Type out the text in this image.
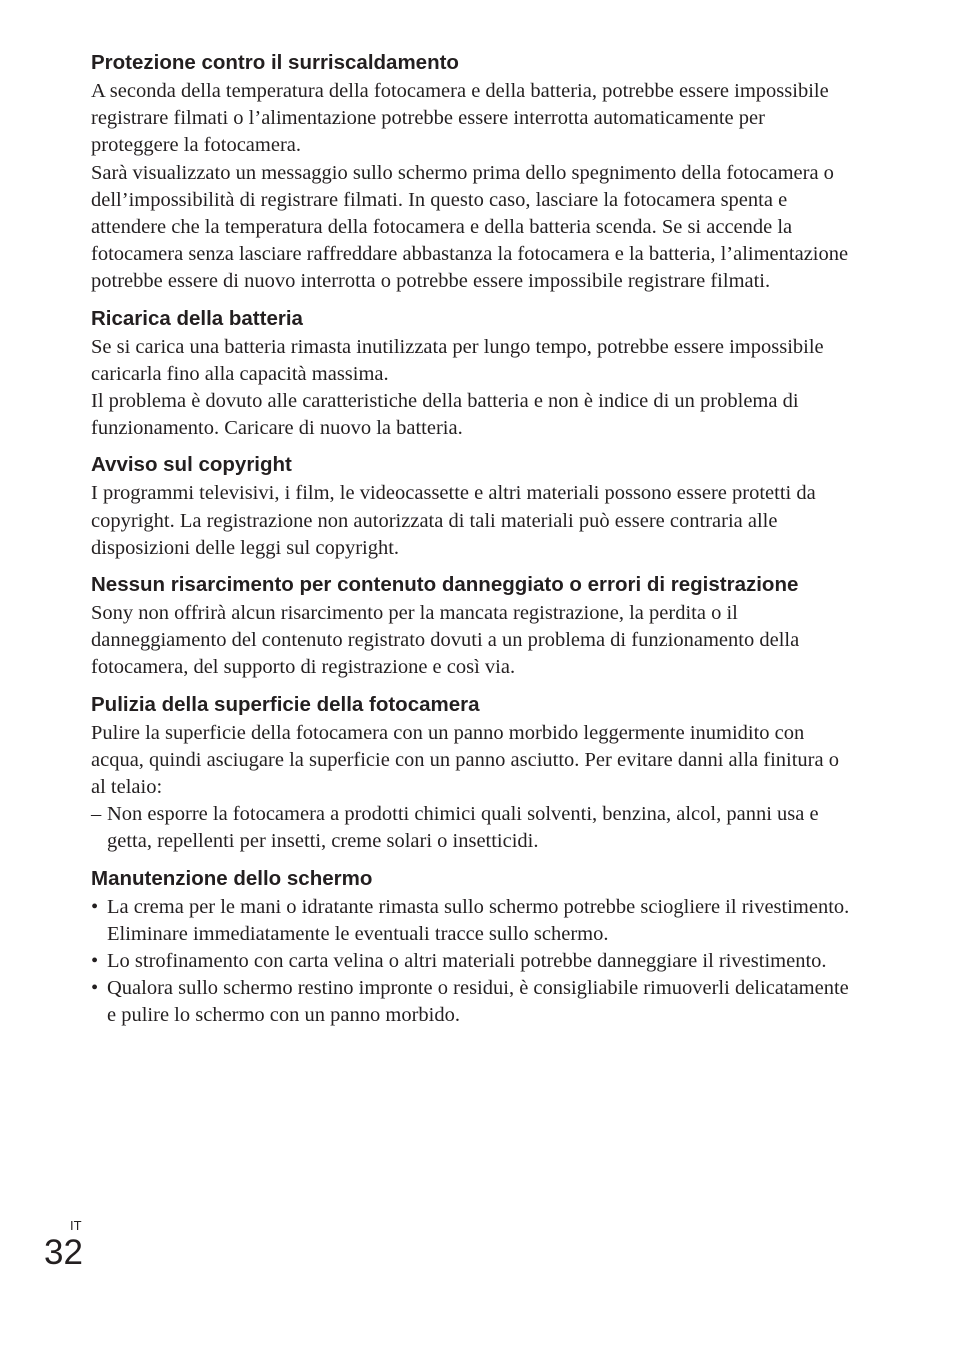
Protezione contro il surriscaldamento

A seconda della temperatura della fotocamera e della batteria, potrebbe essere impossibile registrare filmati o l’alimentazione potrebbe essere interrotta automaticamente per proteggere la fotocamera.

Sarà visualizzato un messaggio sullo schermo prima dello spegnimento della fotocamera o dell’impossibilità di registrare filmati. In questo caso, lasciare la fotocamera spenta e attendere che la temperatura della fotocamera e della batteria scenda. Se si accende la fotocamera senza lasciare raffreddare abbastanza la fotocamera e la batteria, l’alimentazione potrebbe essere di nuovo interrotta o potrebbe essere impossibile registrare filmati.

Ricarica della batteria

Se si carica una batteria rimasta inutilizzata per lungo tempo, potrebbe essere impossibile caricarla fino alla capacità massima.

Il problema è dovuto alle caratteristiche della batteria e non è indice di un problema di funzionamento. Caricare di nuovo la batteria.

Avviso sul copyright

I programmi televisivi, i film, le videocassette e altri materiali possono essere protetti da copyright. La registrazione non autorizzata di tali materiali può essere contraria alle disposizioni delle leggi sul copyright.

Nessun risarcimento per contenuto danneggiato o errori di registrazione

Sony non offrirà alcun risarcimento per la mancata registrazione, la perdita o il danneggiamento del contenuto registrato dovuti a un problema di funzionamento della fotocamera, del supporto di registrazione e così via.

Pulizia della superficie della fotocamera

Pulire la superficie della fotocamera con un panno morbido leggermente inumidito con acqua, quindi asciugare la superficie con un panno asciutto. Per evitare danni alla finitura o al telaio:

– Non esporre la fotocamera a prodotti chimici quali solventi, benzina, alcol, panni usa e getta, repellenti per insetti, creme solari o insetticidi.
Manutenzione dello schermo
• La crema per le mani o idratante rimasta sullo schermo potrebbe sciogliere il rivestimento. Eliminare immediatamente le eventuali tracce sullo schermo.
• Lo strofinamento con carta velina o altri materiali potrebbe danneggiare il rivestimento.
• Qualora sullo schermo restino impronte o residui, è consigliabile rimuoverli delicatamente e pulire lo schermo con un panno morbido.
IT
32
